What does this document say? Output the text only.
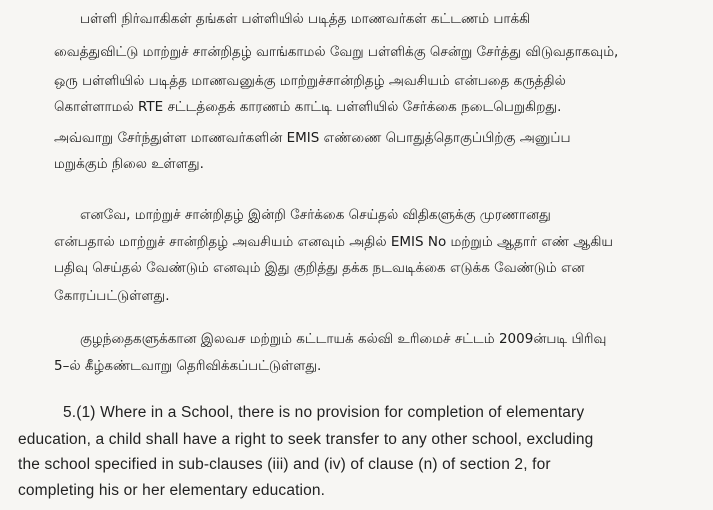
பள்ளி நிர்வாகிகள் தங்கள் பள்ளியில் படித்த மாணவர்கள் கட்டணம் பாக்கி
வைத்துவிட்டு மாற்றுச் சான்றிதழ் வாங்காமல் வேறு பள்ளிக்கு சென்று சேர்த்து விடுவதாகவும்,
ஒரு பள்ளியில் படித்த மாணவனுக்கு மாற்றுச்சான்றிதழ் அவசியம் என்பதை கருத்தில்
கொள்ளாமல் RTE சட்டத்தைக் காரணம் காட்டி பள்ளியில் சேர்க்கை நடைபெறுகிறது.
அவ்வாறு சேர்ந்துள்ள மாணவர்களின் EMIS எண்ணை பொதுத்தொகுப்பிற்கு அனுப்ப
மறுக்கும் நிலை உள்ளது.
எனவே, மாற்றுச் சான்றிதழ் இன்றி சேர்க்கை செய்தல் விதிகளுக்கு முரணானது
என்பதால் மாற்றுச் சான்றிதழ் அவசியம் எனவும் அதில் EMIS No மற்றும் ஆதார் எண் ஆகிய
பதிவு செய்தல் வேண்டும் எனவும் இது குறித்து தக்க நடவடிக்கை எடுக்க வேண்டும் என
கோரப்பட்டுள்ளது.
குழந்தைகளுக்கான இலவச மற்றும் கட்டாயக் கல்வி உரிமைச் சட்டம் 2009ன்படி பிரிவு
5–ல் கீழ்கண்டவாறு தெரிவிக்கப்பட்டுள்ளது.
5.(1) Where in a School, there is no provision for completion of elementary
education, a child shall have a right to seek transfer to any other school, excluding
the school specified in sub-clauses (iii) and (iv) of clause (n) of section 2, for
completing his or her elementary education.
